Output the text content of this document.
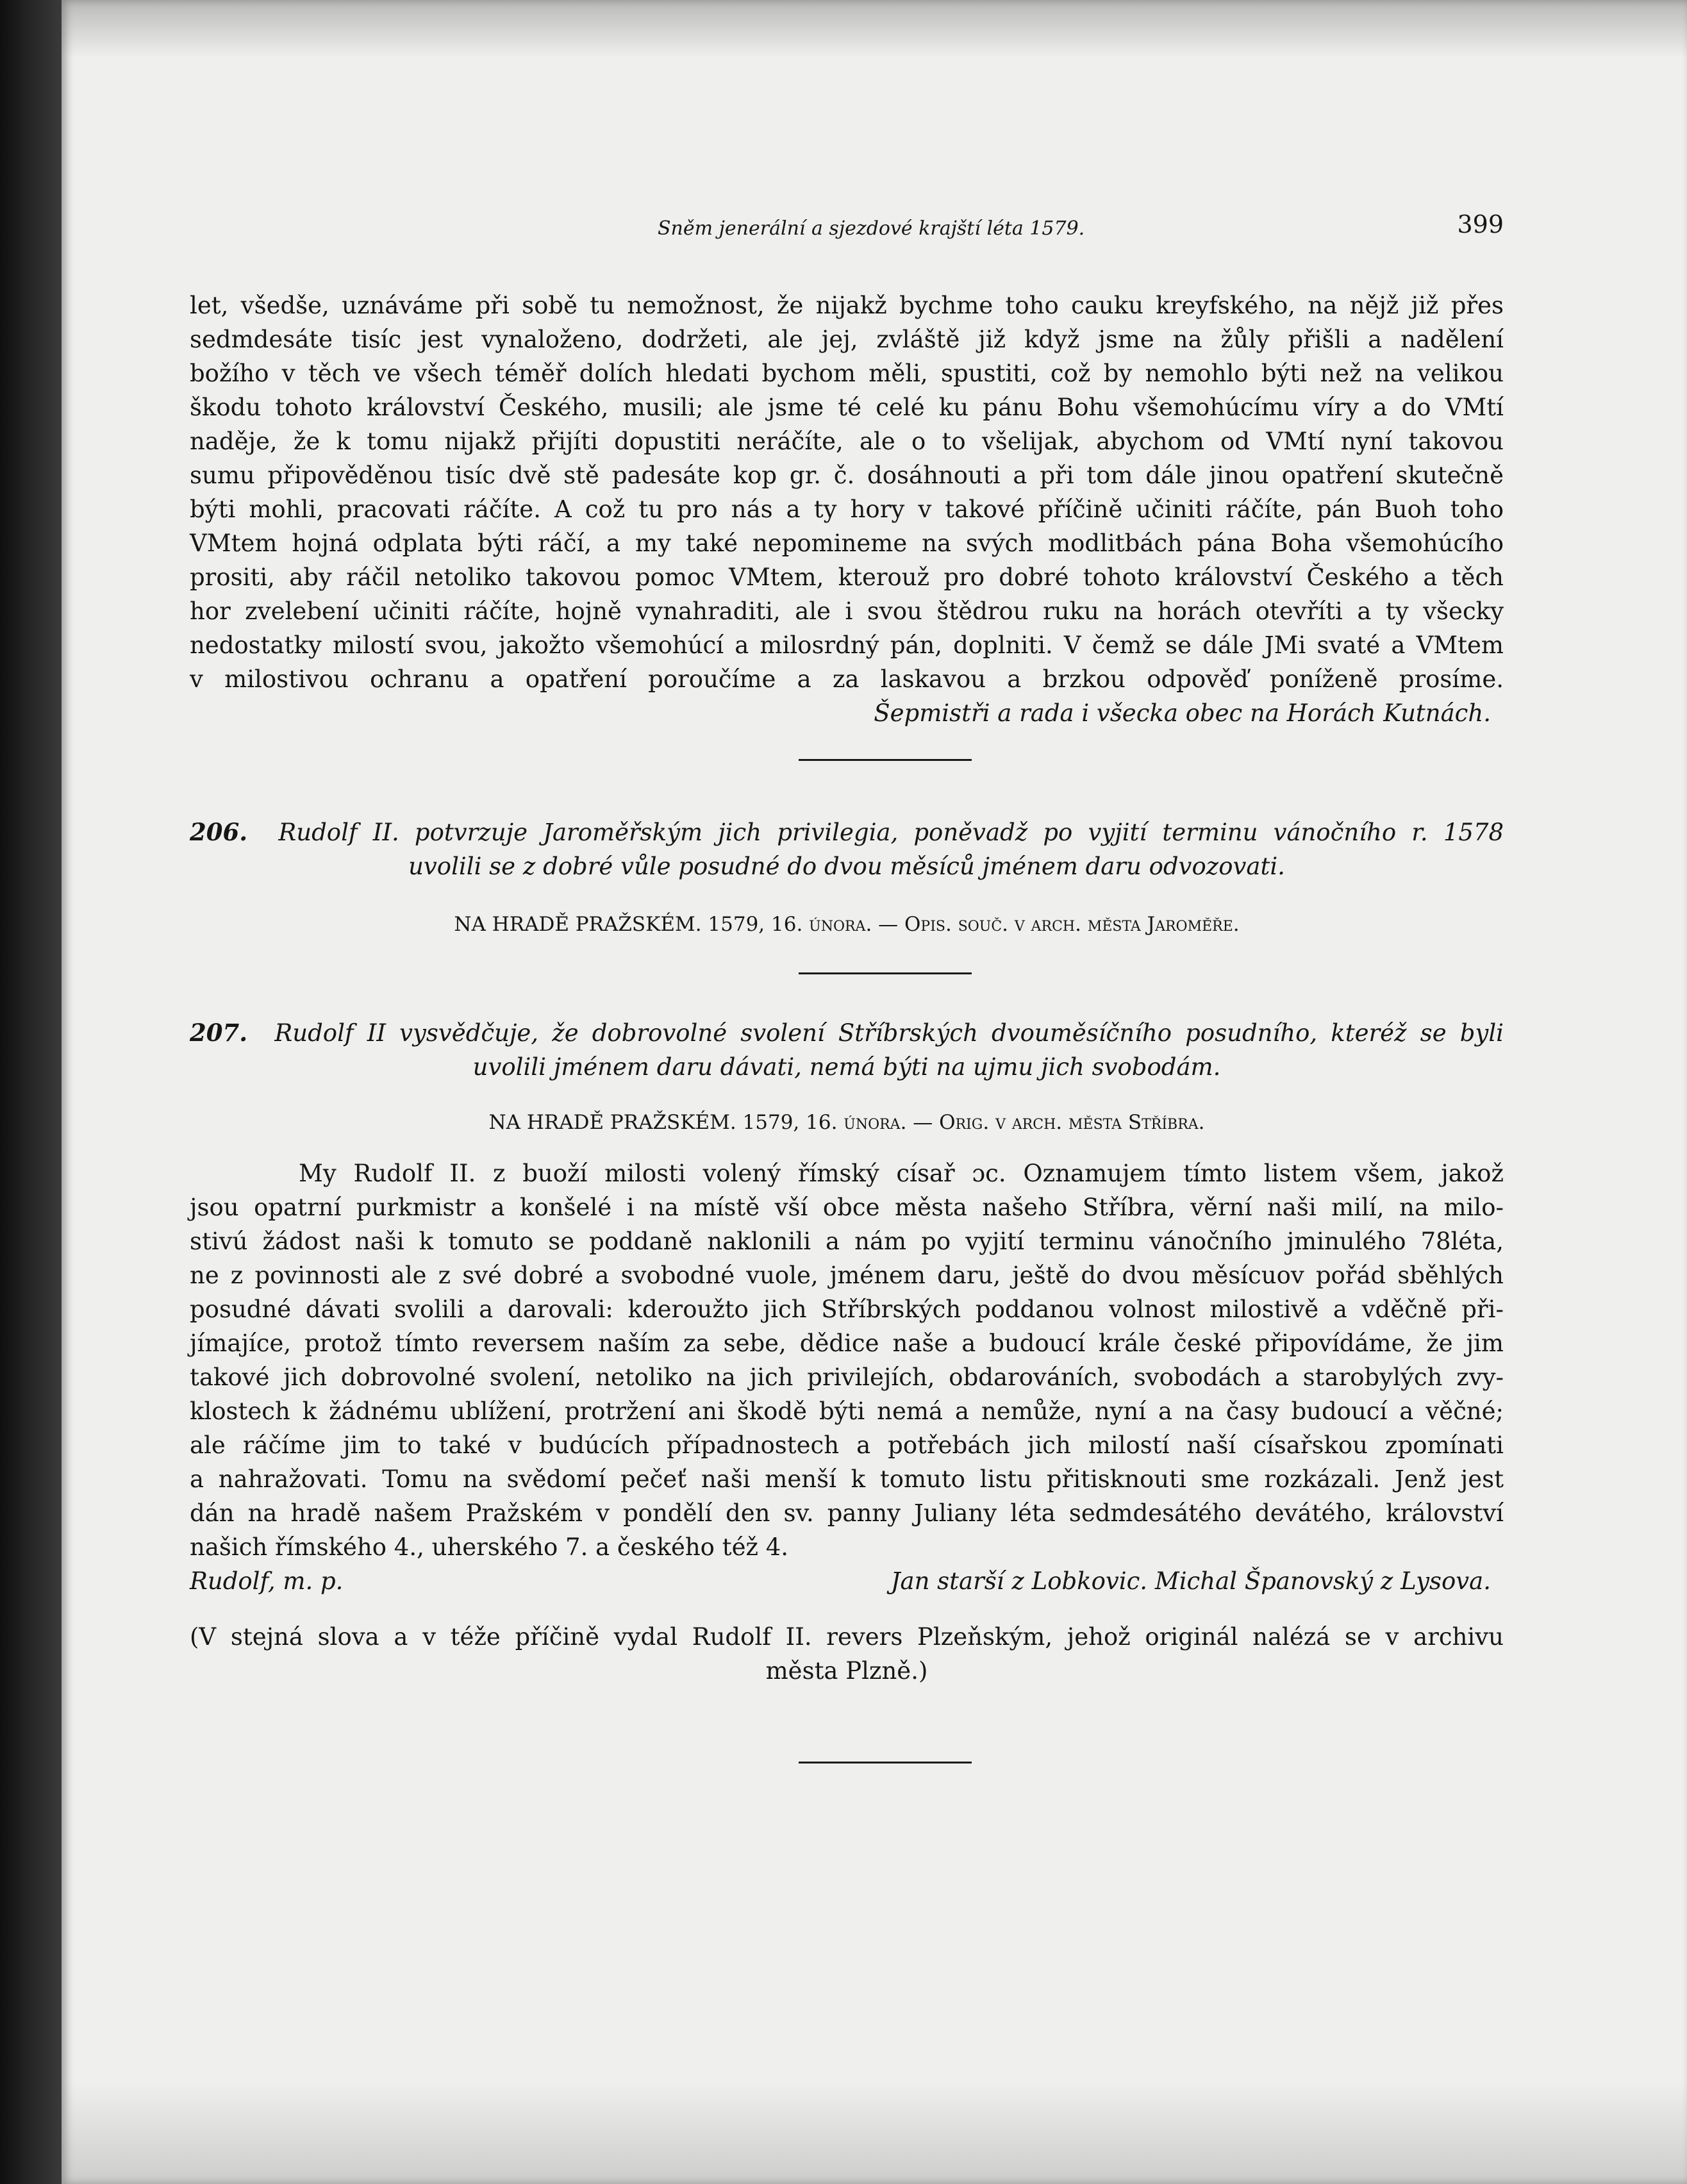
Sněm jenerální a sjezdové krajští léta 1579.	399
let, všedše, uznáváme při sobě tu nemožnost, že nijakž bychme toho cauku kreyfského, na nějž již přes
sedmdesáte tisíc jest vynaloženo, dodržeti, ale jej, zvláště již když jsme na žůly přišli a nadělení
božího v těch ve všech téměř dolích hledati bychom měli, spustiti, což by nemohlo býti než na velikou
škodu tohoto království Českého, musili; ale jsme té celé ku pánu Bohu všemohúcímu víry a do VMtí
naděje, že k tomu nijakž přijíti dopustiti neráčíte, ale o to všelijak, abychom od VMtí nyní takovou
sumu připověděnou tisíc dvě stě padesáte kop gr. č. dosáhnouti a při tom dále jinou opatření skutečně
býti mohli, pracovati ráčíte. A což tu pro nás a ty hory v takové příčině učiniti ráčíte, pán Buoh toho
VMtem hojná odplata býti ráčí, a my také nepomineme na svých modlitbách pána Boha všemohúcího
prositi, aby ráčil netoliko takovou pomoc VMtem, kterouž pro dobré tohoto království Českého a těch
hor zvelebení učiniti ráčíte, hojně vynahraditi, ale i svou štědrou ruku na horách otevříti a ty všecky
nedostatky milostí svou, jakožto všemohúcí a milosrdný pán, doplniti. V čemž se dále JMi svaté a VMtem
v milostivou ochranu a opatření poroučíme a za laskavou a brzkou odpověď poníženě prosíme.
Šepmistři a rada i všecka obec na Horách Kutnách.
206. Rudolf II. potvrzuje Jaroměřským jich privilegia, poněvadž po vyjití terminu vánočního r. 1578
uvolili se z dobré vůle posudné do dvou měsíců jménem daru odvozovati.
NA HRADĚ PRAŽSKÉM. 1579, 16. února. — Opis. souč. v arch. města Jaroměře.
207. Rudolf II vysvědčuje, že dobrovolné svolení Stříbrských dvouměsíčního posudního, kteréž se byli
uvolili jménem daru dávati, nemá býti na ujmu jich svobodám.
NA HRADĚ PRAŽSKÉM. 1579, 16. února. — Orig. v arch. města Stříbra.
My Rudolf II. z buoží milosti volený římský císař ɔc. Oznamujem tímto listem všem, jakož
jsou opatrní purkmistr a konšelé i na místě vší obce města našeho Stříbra, věrní naši milí, na milo-
stivú žádost naši k tomuto se poddaně naklonili a nám po vyjití terminu vánočního jminulého 78léta,
ne z povinnosti ale z své dobré a svobodné vuole, jménem daru, ještě do dvou měsícuov pořád sběhlých
posudné dávati svolili a darovali: kderoužto jich Stříbrských poddanou volnost milostivě a vděčně při-
jímajíce, protož tímto reversem naším za sebe, dědice naše a budoucí krále české připovídáme, že jim
takové jich dobrovolné svolení, netoliko na jich privilejích, obdarováních, svobodách a starobylých zvy-
klostech k žádnému ublížení, protržení ani škodě býti nemá a nemůže, nyní a na časy budoucí a věčné;
ale ráčíme jim to také v budúcích případnostech a potřebách jich milostí naší císařskou zpomínati
a nahražovati. Tomu na svědomí pečeť naši menší k tomuto listu přitisknouti sme rozkázali. Jenž jest
dán na hradě našem Pražském v pondělí den sv. panny Juliany léta sedmdesátého devátého, království
našich římského 4., uherského 7. a českého též 4.
Rudolf, m. p.	Jan starší z Lobkovic. Michal Španovský z Lysova.
(V stejná slova a v téže příčině vydal Rudolf II. revers Plzeňským, jehož originál nalézá se v archivu
města Plzně.)
